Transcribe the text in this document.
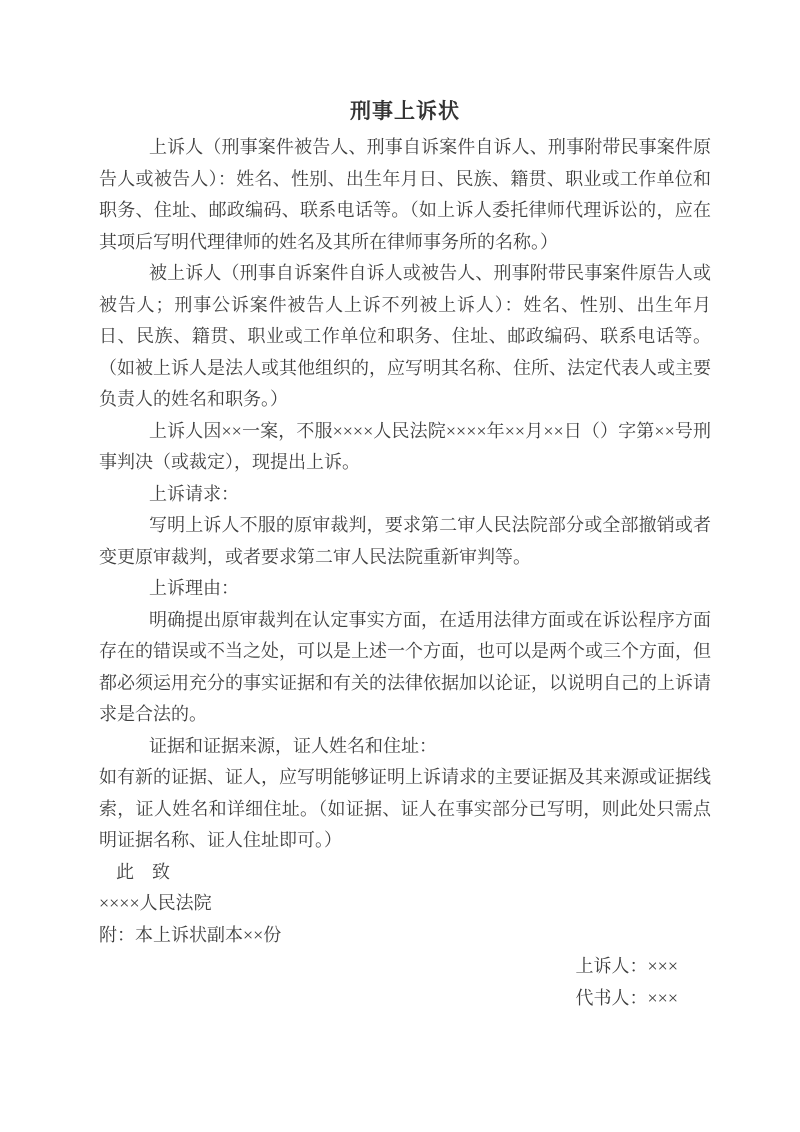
刑事上诉状

上诉人（刑事案件被告人、刑事自诉案件自诉人、刑事附带民事案件原告人或被告人）：姓名、性别、出生年月日、民族、籍贯、职业或工作单位和职务、住址、邮政编码、联系电话等。（如上诉人委托律师代理诉讼的，应在其项后写明代理律师的姓名及其所在律师事务所的名称。）

被上诉人（刑事自诉案件自诉人或被告人、刑事附带民事案件原告人或被告人；刑事公诉案件被告人上诉不列被上诉人）：姓名、性别、出生年月日、民族、籍贯、职业或工作单位和职务、住址、邮政编码、联系电话等。（如被上诉人是法人或其他组织的，应写明其名称、住所、法定代表人或主要负责人的姓名和职务。）

上诉人因××一案，不服××××人民法院××××年××月××日（）字第××号刑事判决（或裁定），现提出上诉。

上诉请求：

写明上诉人不服的原审裁判，要求第二审人民法院部分或全部撤销或者变更原审裁判，或者要求第二审人民法院重新审判等。

上诉理由：

明确提出原审裁判在认定事实方面，在适用法律方面或在诉讼程序方面存在的错误或不当之处，可以是上述一个方面，也可以是两个或三个方面，但都必须运用充分的事实证据和有关的法律依据加以论证，以说明自己的上诉请求是合法的。

证据和证据来源，证人姓名和住址：

如有新的证据、证人，应写明能够证明上诉请求的主要证据及其来源或证据线索，证人姓名和详细住址。（如证据、证人在事实部分已写明，则此处只需点明证据名称、证人住址即可。）

此　致

××××人民法院

附：本上诉状副本××份

上诉人：×××

代书人：×××
